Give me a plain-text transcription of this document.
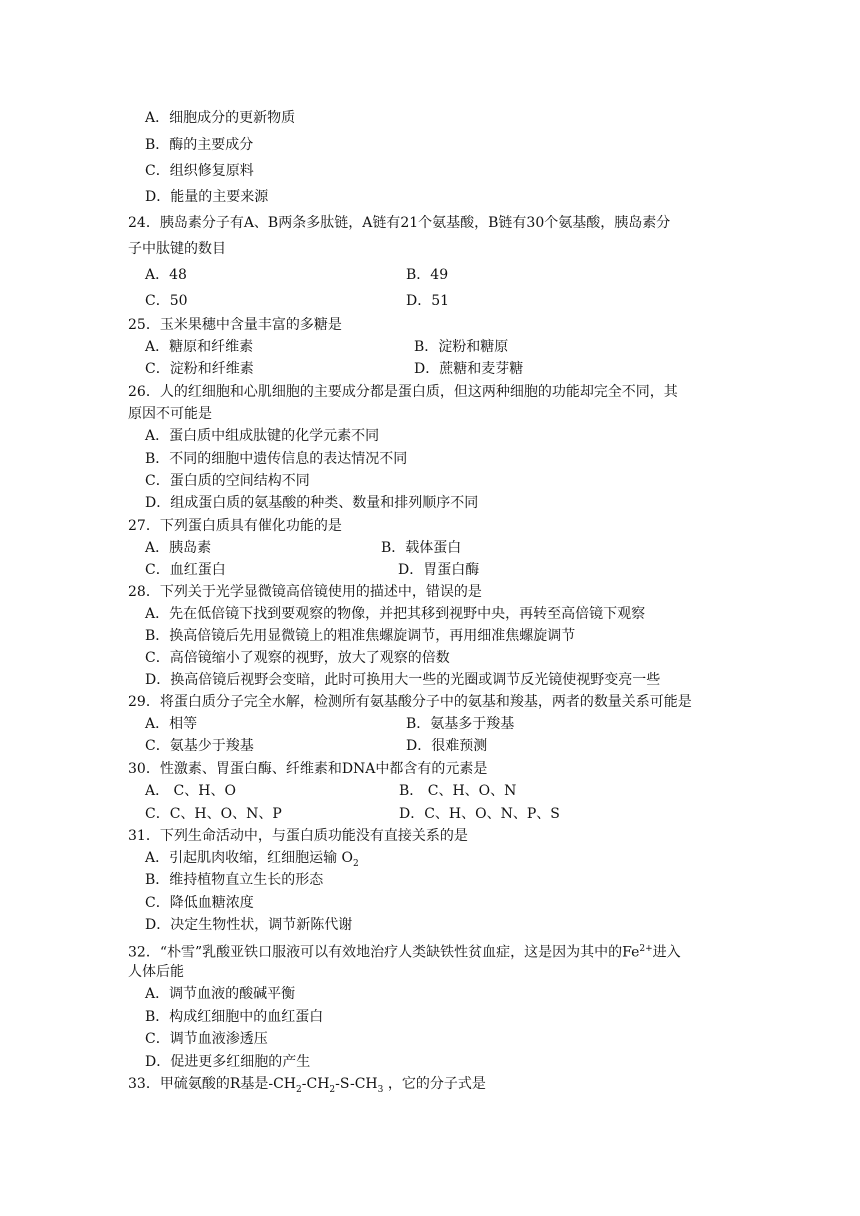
A．细胞成分的更新物质
B．酶的主要成分
C．组织修复原料
D．能量的主要来源
24．胰岛素分子有A、B两条多肽链，A链有21个氨基酸，B链有30个氨基酸，胰岛素分
子中肽键的数目
A．48	B．49
C．50	D．51
25．玉米果穗中含量丰富的多糖是
A．糖原和纤维素	B．淀粉和糖原
C．淀粉和纤维素	D．蔗糖和麦芽糖
26．人的红细胞和心肌细胞的主要成分都是蛋白质，但这两种细胞的功能却完全不同，其
原因不可能是
A．蛋白质中组成肽键的化学元素不同
B．不同的细胞中遗传信息的表达情况不同
C．蛋白质的空间结构不同
D．组成蛋白质的氨基酸的种类、数量和排列顺序不同
27．下列蛋白质具有催化功能的是
A．胰岛素	B．载体蛋白
C．血红蛋白	D．胃蛋白酶
28．下列关于光学显微镜高倍镜使用的描述中，错误的是
A．先在低倍镜下找到要观察的物像，并把其移到视野中央，再转至高倍镜下观察
B．换高倍镜后先用显微镜上的粗准焦螺旋调节，再用细准焦螺旋调节
C．高倍镜缩小了观察的视野，放大了观察的倍数
D．换高倍镜后视野会变暗，此时可换用大一些的光圈或调节反光镜使视野变亮一些
29．将蛋白质分子完全水解，检测所有氨基酸分子中的氨基和羧基，两者的数量关系可能是
A．相等	B．氨基多于羧基
C．氨基少于羧基	D．很难预测
30．性激素、胃蛋白酶、纤维素和DNA中都含有的元素是
A． C、H、O	B． C、H、O、N
C．C、H、O、N、P	D．C、H、O、N、P、S
31．下列生命活动中，与蛋白质功能没有直接关系的是
A．引起肌肉收缩，红细胞运输 $O_2$
B．维持植物直立生长的形态
C．降低血糖浓度
D．决定生物性状，调节新陈代谢
32．“朴雪”乳酸亚铁口服液可以有效地治疗人类缺铁性贫血症，这是因为其中的$Fe^{2+}$进入
人体后能
A．调节血液的酸碱平衡
B．构成红细胞中的血红蛋白
C．调节血液渗透压
D．促进更多红细胞的产生
33．甲硫氨酸的R基是$-CH_2-CH_2-S-CH_3$ ，它的分子式是
